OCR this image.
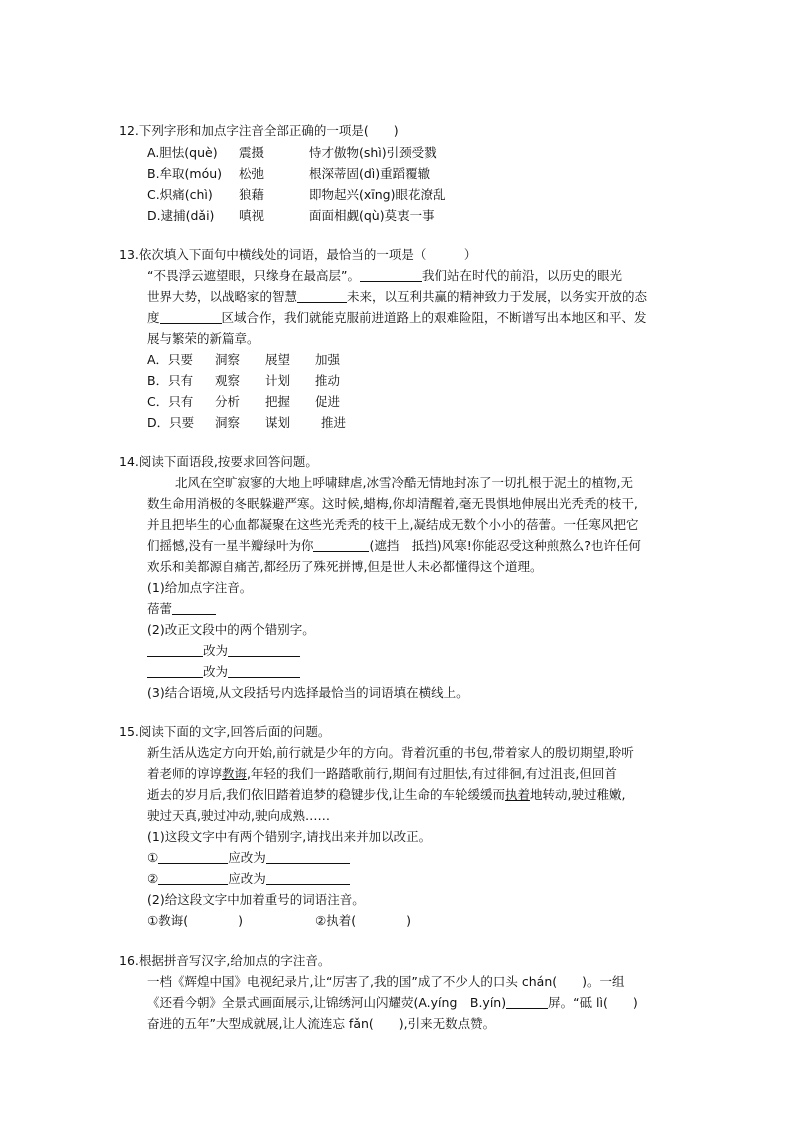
12.下列字形和加点字注音全部正确的一项是(　　)
A.胆怯(què) 震摄	恃才傲物(shì)引颈受戮
B.牟取(móu) 松弛	根深蒂固(dì)重蹈覆辙
C.炽痛(chì) 狼藉	即物起兴(xīng)眼花潦乱
D.逮捕(dǎi) 嗔视	面面相觑(qù)莫衷一事
13.依次填入下面句中横线处的词语，最恰当的一项是（　　　）
“不畏浮云遮望眼，只缘身在最高层”。	我们站在时代的前沿，以历史的眼光
世界大势，以战略家的智慧	未来，以互利共赢的精神致力于发展，以务实开放的态
度	区域合作，我们就能克服前进道路上的艰难险阻，不断谱写出本地区和平、发
展与繁荣的新篇章。
A．只要 洞察 展望 加强
B．只有 观察 计划 推动
C．只有 分析 把握 促进
D．只要 洞察 谋划 推进
14.阅读下面语段,按要求回答问题。
北风在空旷寂寥的大地上呼啸肆虐,冰雪冷酷无情地封冻了一切扎根于泥土的植物,无
数生命用消极的冬眠躲避严寒。这时候,蜡梅,你却清醒着,毫无畏惧地伸展出光秃秃的枝干,
并且把毕生的心血都凝聚在这些光秃秃的枝干上,凝结成无数个小小的蓓蕾。一任寒风把它
们摇憾,没有一星半瓣绿叶为你	(遮挡　抵挡)风寒!你能忍受这种煎熬么?也许任何
欢乐和美都源自痛苦,都经历了殊死拼博,但是世人未必都懂得这个道理。
(1)给加点字注音。
蓓蕾
(2)改正文段中的两个错别字。
改为
改为
(3)结合语境,从文段括号内选择最恰当的词语填在横线上。
15.阅读下面的文字,回答后面的问题。
新生活从选定方向开始,前行就是少年的方向。背着沉重的书包,带着家人的殷切期望,聆听
着老师的谆谆教诲,年轻的我们一路踏歌前行,期间有过胆怯,有过徘徊,有过沮丧,但回首
逝去的岁月后,我们依旧踏着追梦的稳键步伐,让生命的车轮缓缓而执着地转动,驶过稚嫩,
驶过天真,驶过冲动,驶向成熟……
(1)这段文字中有两个错别字,请找出来并加以改正。
①	应改为
②	应改为
(2)给这段文字中加着重号的词语注音。
①教诲(　　　　)	②执着(　　　　)
16.根据拼音写汉字,给加点的字注音。
一档《辉煌中国》电视纪录片,让“厉害了,我的国”成了不少人的口头 chán(　　)。一组
《还看今朝》全景式画面展示,让锦绣河山闪耀荧(A.yíng　B.yín)	屏。“砥 lì(　　)
奋进的五年”大型成就展,让人流连忘 fǎn(　　),引来无数点赞。
